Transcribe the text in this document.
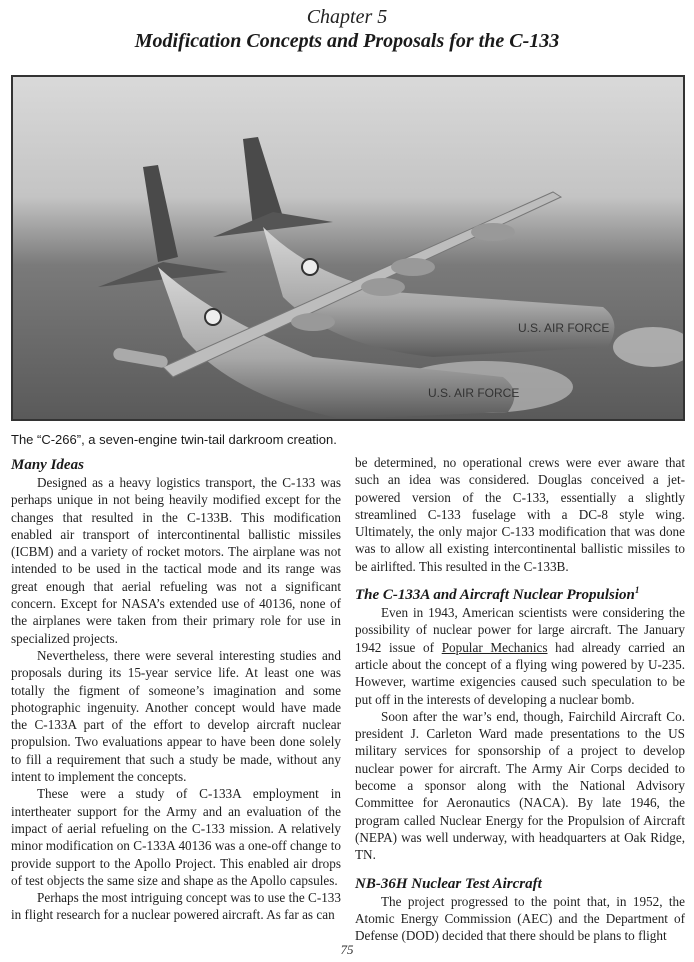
Chapter 5
Modification Concepts and Proposals for the C-133
U.S. AIR FORCE
U.S. AIR FORCE
The “C-266”, a seven-engine twin-tail darkroom creation.
Many Ideas

Designed as a heavy logistics transport, the C-133 was perhaps unique in not being heavily modified except for the changes that resulted in the C-133B. This modification enabled air transport of intercontinental ballistic missiles (ICBM) and a variety of rocket motors. The airplane was not intended to be used in the tactical mode and its range was great enough that aerial refueling was not a significant concern. Except for NASA’s extended use of 40136, none of the airplanes were taken from their primary role for use in specialized projects.

Nevertheless, there were several interesting studies and proposals during its 15-year service life. At least one was totally the figment of someone’s imagination and some photographic ingenuity. Another concept would have made the C-133A part of the effort to develop aircraft nuclear propulsion. Two evaluations appear to have been done solely to fill a requirement that such a study be made, without any intent to implement the concepts.

These were a study of C-133A employment in intertheater support for the Army and an evaluation of the impact of aerial refueling on the C-133 mission. A relatively minor modification on C-133A 40136 was a one-off change to provide support to the Apollo Project. This enabled air drops of test objects the same size and shape as the Apollo capsules.

Perhaps the most intriguing concept was to use the C-133 in flight research for a nuclear powered aircraft. As far as can

be determined, no operational crews were ever aware that such an idea was considered. Douglas conceived a jet-powered version of the C-133, essentially a slightly streamlined C-133 fuselage with a DC-8 style wing. Ultimately, the only major C-133 modification that was done was to allow all existing intercontinental ballistic missiles to be airlifted. This resulted in the C-133B.

The C-133A and Aircraft Nuclear Propulsion$^1$

Even in 1943, American scientists were considering the possibility of nuclear power for large aircraft. The January 1942 issue of Popular Mechanics had already carried an article about the concept of a flying wing powered by U-235. However, wartime exigencies caused such speculation to be put off in the interests of developing a nuclear bomb.

Soon after the war’s end, though, Fairchild Aircraft Co. president J. Carleton Ward made presentations to the US military services for sponsorship of a project to develop nuclear power for aircraft. The Army Air Corps decided to become a sponsor along with the National Advisory Committee for Aeronautics (NACA). By late 1946, the program called Nuclear Energy for the Propulsion of Aircraft (NEPA) was well underway, with headquarters at Oak Ridge, TN.

NB-36H Nuclear Test Aircraft

The project progressed to the point that, in 1952, the Atomic Energy Commission (AEC) and the Department of Defense (DOD) decided that there should be plans to flight

75
